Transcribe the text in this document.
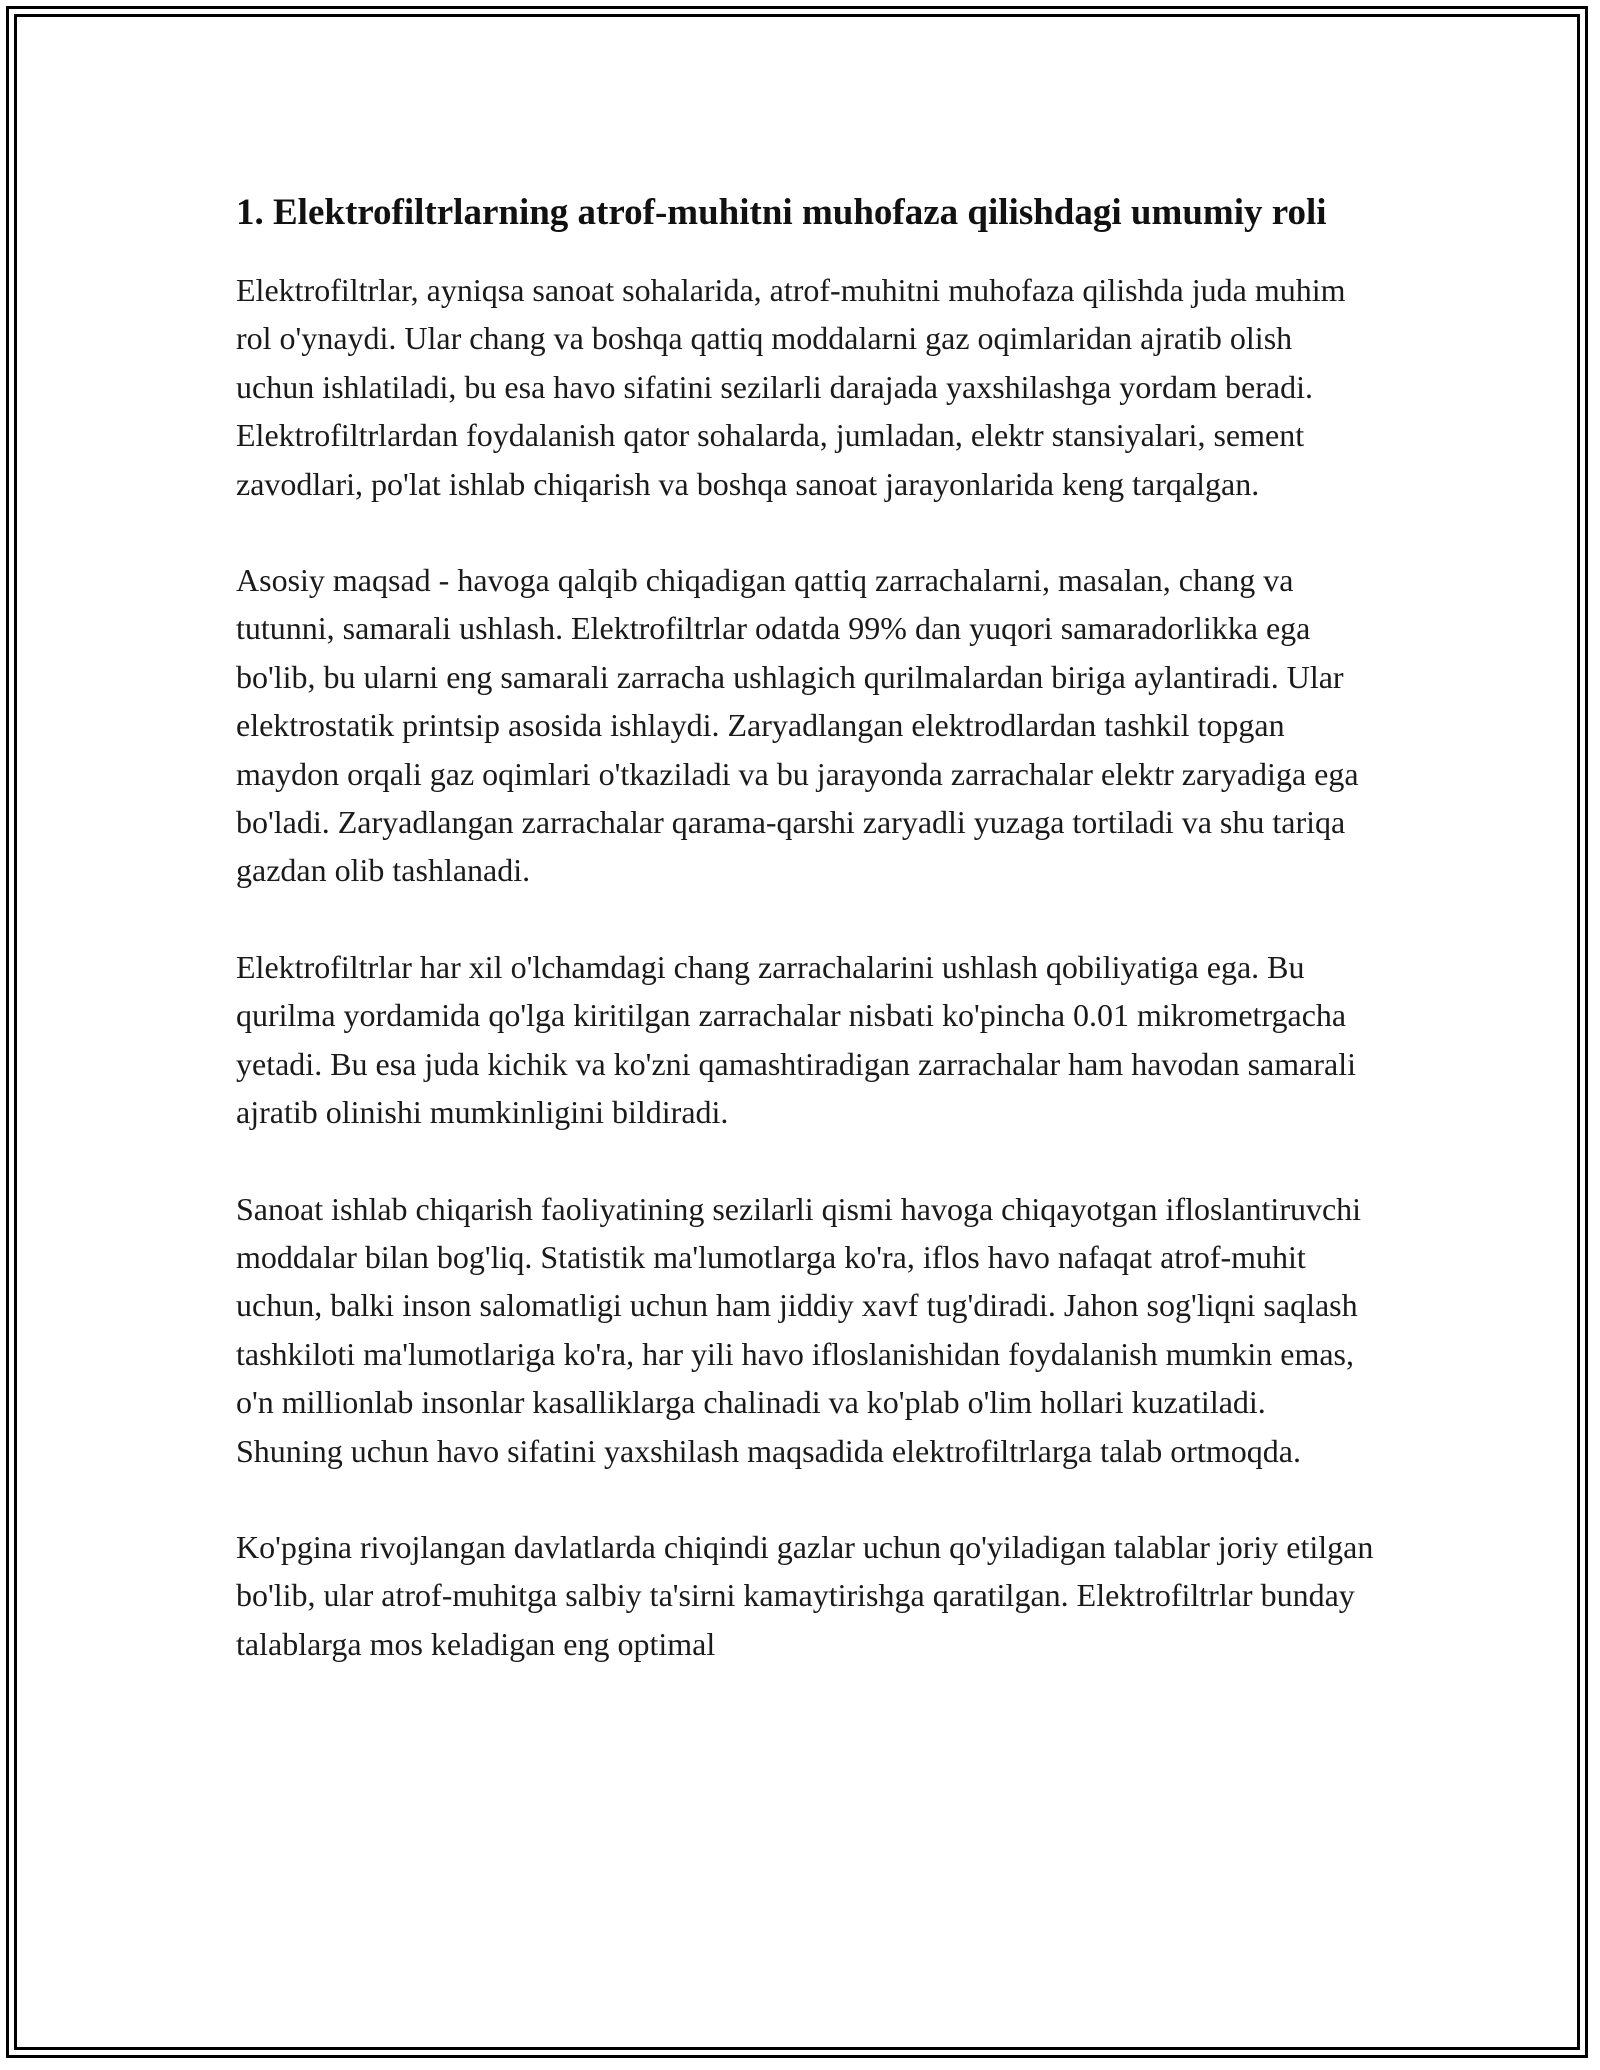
1. Elektrofiltrlarning atrof-muhitni muhofaza qilishdagi umumiy roli

Elektrofiltrlar, ayniqsa sanoat sohalarida, atrof-muhitni muhofaza qilishda juda muhim rol o'ynaydi. Ular chang va boshqa qattiq moddalarni gaz oqimlaridan ajratib olish uchun ishlatiladi, bu esa havo sifatini sezilarli darajada yaxshilashga yordam beradi. Elektrofiltrlardan foydalanish qator sohalarda, jumladan, elektr stansiyalari, sement zavodlari, po'lat ishlab chiqarish va boshqa sanoat jarayonlarida keng tarqalgan.

Asosiy maqsad - havoga qalqib chiqadigan qattiq zarrachalarni, masalan, chang va tutunni, samarali ushlash. Elektrofiltrlar odatda 99% dan yuqori samaradorlikka ega bo'lib, bu ularni eng samarali zarracha ushlagich qurilmalardan biriga aylantiradi. Ular elektrostatik printsip asosida ishlaydi. Zaryadlangan elektrodlardan tashkil topgan maydon orqali gaz oqimlari o'tkaziladi va bu jarayonda zarrachalar elektr zaryadiga ega bo'ladi. Zaryadlangan zarrachalar qarama-qarshi zaryadli yuzaga tortiladi va shu tariqa gazdan olib tashlanadi.

Elektrofiltrlar har xil o'lchamdagi chang zarrachalarini ushlash qobiliyatiga ega. Bu qurilma yordamida qo'lga kiritilgan zarrachalar nisbati ko'pincha 0.01 mikrometrgacha yetadi. Bu esa juda kichik va ko'zni qamashtiradigan zarrachalar ham havodan samarali ajratib olinishi mumkinligini bildiradi.

Sanoat ishlab chiqarish faoliyatining sezilarli qismi havoga chiqayotgan ifloslantiruvchi moddalar bilan bog'liq. Statistik ma'lumotlarga ko'ra, iflos havo nafaqat atrof-muhit uchun, balki inson salomatligi uchun ham jiddiy xavf tug'diradi. Jahon sog'liqni saqlash tashkiloti ma'lumotlariga ko'ra, har yili havo ifloslanishidan foydalanish mumkin emas, o'n millionlab insonlar kasalliklarga chalinadi va ko'plab o'lim hollari kuzatiladi. Shuning uchun havo sifatini yaxshilash maqsadida elektrofiltrlarga talab ortmoqda.

Ko'pgina rivojlangan davlatlarda chiqindi gazlar uchun qo'yiladigan talablar joriy etilgan bo'lib, ular atrof-muhitga salbiy ta'sirni kamaytirishga qaratilgan. Elektrofiltrlar bunday talablarga mos keladigan eng optimal
